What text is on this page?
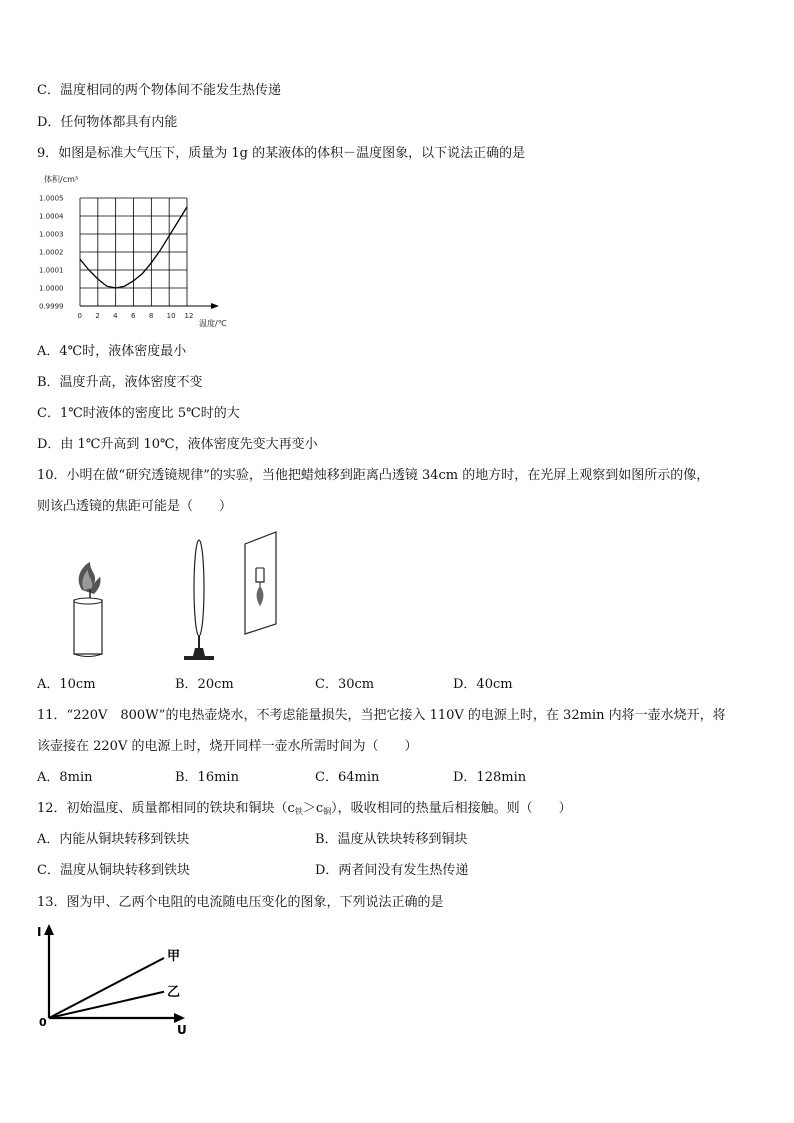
C．温度相同的两个物体间不能发生热传递
D．任何物体都具有内能
9．如图是标准大气压下，质量为 1g 的某液体的体积－温度图象，以下说法正确的是
体积/cm³
温度/℃
0.9999
1.0000
1.0001
1.0002
1.0003
1.0004
1.0005
0 2 4 6 8 10 12
A．4℃时，液体密度最小
B．温度升高，液体密度不变
C．1℃时液体的密度比 5℃时的大
D．由 1℃升高到 10℃，液体密度先变大再变小
10．小明在做“研究透镜规律”的实验，当他把蜡烛移到距离凸透镜 34cm 的地方时，在光屏上观察到如图所示的像，
则该凸透镜的焦距可能是（　　）
A．10cm	B．20cm	C．30cm	D．40cm
11．“220V　800W”的电热壶烧水，不考虑能量损失，当把它接入 110V 的电源上时，在 32min 内将一壶水烧开，将
该壶接在 220V 的电源上时，烧开同样一壶水所需时间为（　　）
A．8min	B．16min	C．64min	D．128min
12．初始温度、质量都相同的铁块和铜块$(c_铁>c_铜)$，吸收相同的热量后相接触。则（　　）
A．内能从铜块转移到铁块	B．温度从铁块转移到铜块
C．温度从铜块转移到铁块	D．两者间没有发生热传递
13．图为甲、乙两个电阻的电流随电压变化的图象，下列说法正确的是
I
U
0
甲
乙
